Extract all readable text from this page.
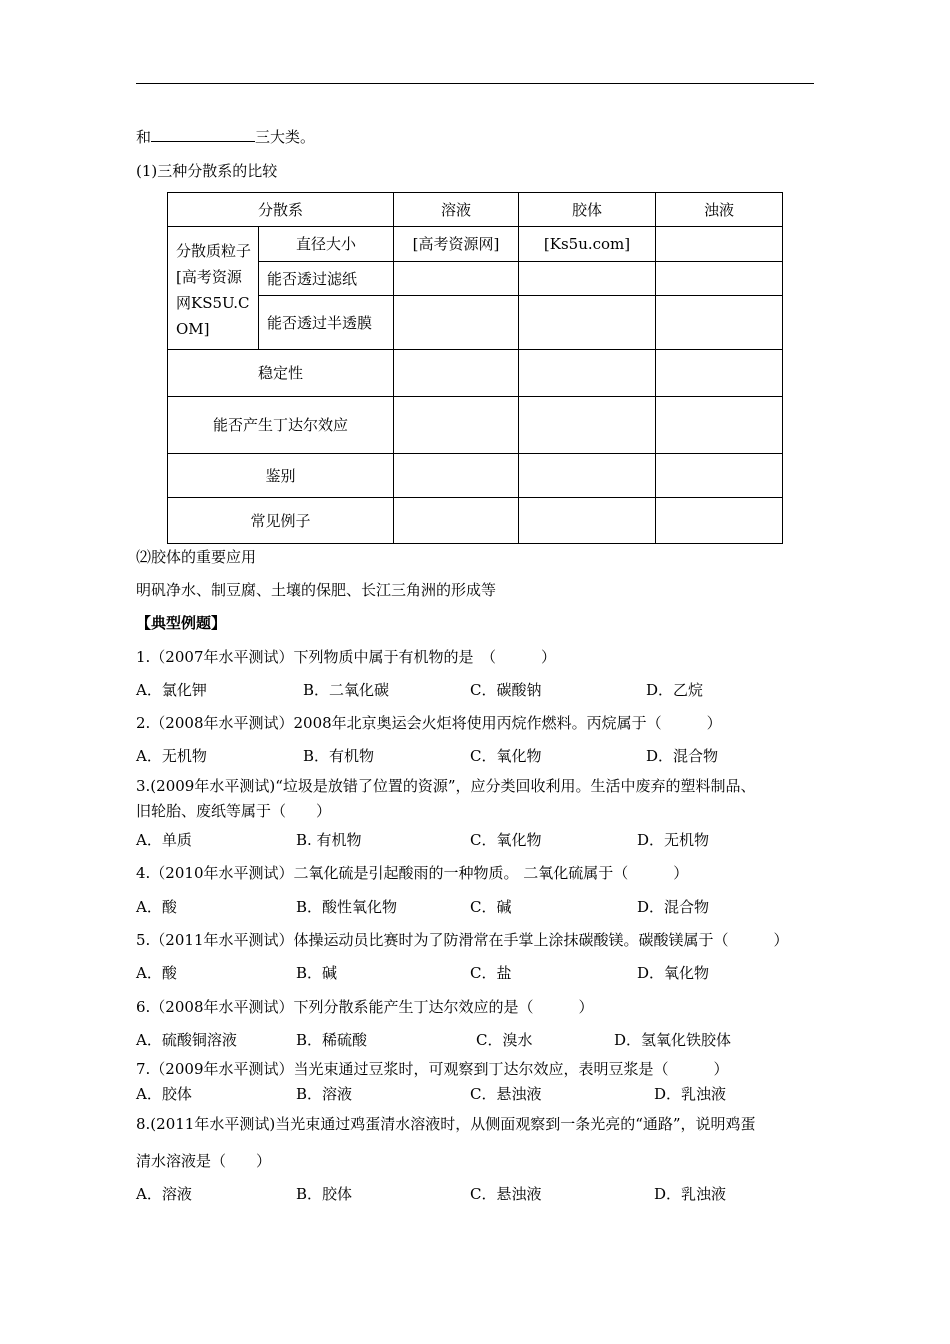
和	三大类。
(1)三种分散系的比较
分散系		溶液	胶体	浊液
分散质粒子[高考资源网KS5U.COM]	直径大小	[高考资源网]	[Ks5u.com]	
	能否透过滤纸			
	能否透过半透膜			
稳定性				
能否产生丁达尔效应				
鉴别				
常见例子				
⑵胶体的重要应用
明矾净水、制豆腐、土壤的保肥、长江三角洲的形成等
【典型例题】
1.（2007年水平测试）下列物质中属于有机物的是　（　　　）
A．氯化钾	B．二氧化碳	C．碳酸钠	D．乙烷
2.（2008年水平测试）2008年北京奥运会火炬将使用丙烷作燃料。丙烷属于（　　　）
A．无机物	B．有机物	C．氧化物	D．混合物
3.(2009年水平测试)“垃圾是放错了位置的资源”，应分类回收利用。生活中废弃的塑料制品、
旧轮胎、废纸等属于（　　）
A．单质	B. 有机物	C．氧化物	D．无机物
4.（2010年水平测试）二氧化硫是引起酸雨的一种物质。 二氧化硫属于（　　　）
A．酸	B．酸性氧化物	C．碱	D．混合物
5.（2011年水平测试）体操运动员比赛时为了防滑常在手掌上涂抹碳酸镁。碳酸镁属于（　　　）
A．酸	B．碱	C．盐	D．氧化物
6.（2008年水平测试）下列分散系能产生丁达尔效应的是（　　　）
A．硫酸铜溶液	B．稀硫酸	C．溴水	D．氢氧化铁胶体
7.（2009年水平测试）当光束通过豆浆时，可观察到丁达尔效应，表明豆浆是（　　　）
A．胶体	B．溶液	C．悬浊液	D．乳浊液
8.(2011年水平测试)当光束通过鸡蛋清水溶液时，从侧面观察到一条光亮的“通路”，说明鸡蛋
清水溶液是（　　）
A．溶液	B．胶体	C．悬浊液	D．乳浊液
